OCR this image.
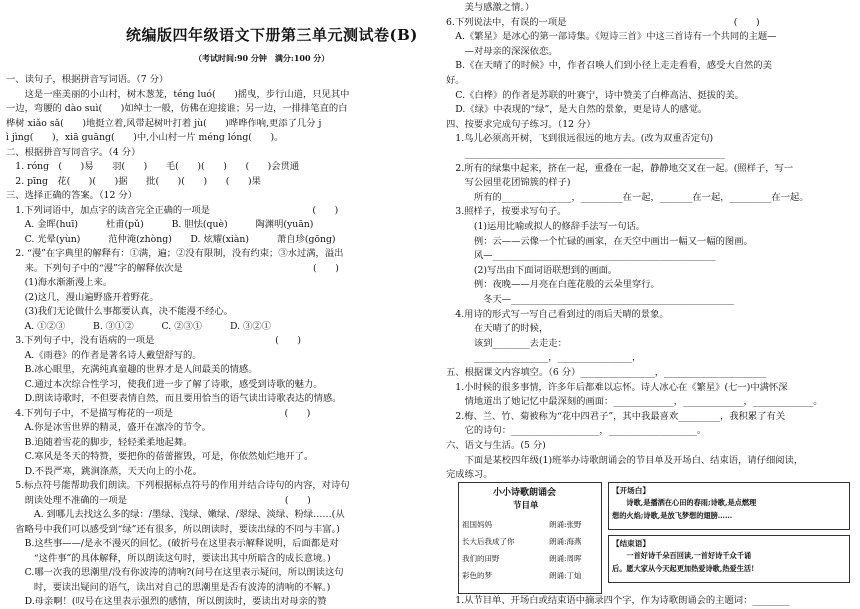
统编版四年级语文下册第三单元测试卷(B)
（考试时间:90 分钟　满分:100 分）
一、读句子，根据拼音写词语。（7 分）
　　这是一座美丽的小山村，树木葱茏，téng luó(　　)摇曳，步行山道，只见其中
一边，弯腰的 dào suì(　　)如绰士一般，仿佛在迎接谁；另一边，一排排笔直的白
桦树 xiǎo sǎ(　　)地挺立着,风带起树叶打着 jù(　　)哗哗作响,更添了几分 j
ì jìng(　　)，xiā guāng(　　)中,小山村一片 méng lóng(　　)。
二、根据拼音写同音字。（4 分）
　1. róng　(　　)易　　羽(　　)　　毛(　　)(　　)　　(　　)会贯通
　2. pīng　花(　　)(　　)据　　批(　　)(　　)　　(　　)果
三、选择正确的答案。（12 分）
　1.下列词语中，加点字的读音完全正确的一项是　　　　　　　　　　　(　　)
　　A. 金晖(huī)　　　杜甫(pǔ)　　　B. 胆怯(què)　　　陶渊明(yuān)
　　C. 光晕(yùn)　　　范仲淹(zhòng)　　D. 炫耀(xiàn)　　　萧自珍(gōng)
　2. “漫”在字典里的解释有：①满，遍；②没有限制，没有约束；③水过满，溢出
　　来。下列句子中的“漫”字的解释依次是　　　　　　　　　　　　　　(　　)
　　(1)海水渐渐漫上来。
　　(2)这几，漫山遍野盛开着野花。
　　(3)我们无论做什么事都要认真，决不能漫不经心。
　　A. ①②③　　　B. ③①②　　　C. ②③①　　　D. ③②①
　3.下列句子中，没有语病的一项是　　　　　　　　　　　　　(　　)
　　A.《雨巷》的作者是著名诗人戴望舒写的。
　　B.冰心眼里，充满纯真童趣的世界才是人间最美的情感。
　　C.通过本次综合性学习，使我们进一步了解了诗歌，感受到诗歌的魅力。
　　D.朗读诗歌时，不但要表情自然，而且要用恰当的语气读出诗歌表达的情感。
　4.下列句子中，不是描写梅花的一项是　　　　　　　　　　　　(　　)
　　A.你是冰雪世界的精灵，盛开在凛冷的节令。
　　B.追随着雪花的脚步，轻轻柔柔地起舞。
　　C.寒风是冬天的特赞，要把你的蓓蕾摧毁，可是，你依然灿烂地开了。
　　D.不畏严寒，跳涧涤蒸，天天向上的小花。
　5.标点符号能帮助我们朗读。下列根据标点符号的作用并结合诗句的内容，对诗句
　　朗读处理不准确的一项是　　　　　　　　　　　　　　　　　(　　)
　　　A. 到哪儿去找这么多的绿：/墨绿、浅绿、嫩绿、/翠绿、淡绿、粉绿……(从
　省略号中我们可以感受到“绿”还有很多，所以朗读时，要读出绿的不同与丰富。)
　　B.这些事——/是永不漫灭的回忆。(破折号在这里表示解释说明，后面都是对
　　　“这件事”的具体解释，所以朗读这句时，要读出其中所暗含的成长意境。)
　　C.哪一次我的思潮里/没有你波涛的清响?(问号在这里表示疑问，所以朗读这句
　　　时，要读出疑问的语气，读出对自己的思潮里是否有波涛的清响的不解。)
　　D.母亲啊！(叹号在这里表示强烈的感情，所以朗读时，要读出对母亲的赞
　　美与感激之情。）
6.下列说法中，有误的一项是　　　　　　　　　　　　　　　　　　(　　)
　A.《繁星》是冰心的第一部诗集。《短诗三首》中这三首诗有一个共同的主题—
　　—对母亲的深深依恋。
　B.《在天晴了的时候》中，作者召唤人们到小径上走走看看，感受大自然的美
好。
　C.《白桦》的作者是苏联的叶赛宁，诗中赞美了白桦高洁、挺拔的美。
　D.《绿》中表现的“绿”，是大自然的景象，更是诗人的感觉。
四、按要求完成句子练习。（12 分）
　1.鸟儿必须高开树，飞到很远很远的地方去。(改为双重否定句)
　　________________________________________________________
　2.所有的绿集中起来，挤在一起，重叠在一起，静静地交叉在一起。(照样子，写一
　　写公园里花团锦簇的样子)
　　　所有的_______________，_________在一起，_______在一起，_________在一起。
　3.照样子，按要求写句子。
　　　(1)运用比喻或拟人的修辞手法写一句话。
　　　例：云——云像一个忙碌的画家，在天空中画出一幅又一幅的图画。
　　　风—________________________________________________
　　　(2)写出由下面词语联想到的画面。
　　　例：夜晚——月亮在白莲花般的云朵里穿行。
　　　　冬天—________________________________________________
　4.用诗的形式写一写自己看到过的雨后天晴的景象。
　　　在天晴了的时候，
　　　该到________去走走：
　　　________________，________________，
五、根据课文内容填空。（6 分）________________，______________________
　1.小时候的很多事情，许多年后都难以忘怀。诗人冰心在《繁星》(七一)中满怀深
　　情地道出了她记忆中最深刻的画面：_____________，_____________，_____________。
　2.梅、兰、竹、菊被称为“花中四君子”，其中我最喜欢_________，我积累了有关
　　它的诗句：___________________，___________________。
六、语文与生活。(5 分)
　　下面是某校四年级(1)班举办诗歌朗诵会的节目单及开场白、结束语，请仔细阅读，
完成练习。
小小诗歌朗诵会
节目单
祖国妈妈	朗诵:张野
长大后我成了你	朗诵:海燕
我们的田野	朗诵:周晖
彩色的梦	朗诵:丁灿
【开场白】
　　诗歌,是播洒在心田的春雨;诗歌,是点燃理
想的火焰;诗歌,是放飞梦想的翅膀……
【结束语】
　　一首好诗千朵百回读,一首好诗千众千诵
后。愿大家从今天起更加热爱诗歌,热爱生活!
　1.从节目单、开场白或结束语中摘录四个字，作为诗歌朗诵会的主题词：________
